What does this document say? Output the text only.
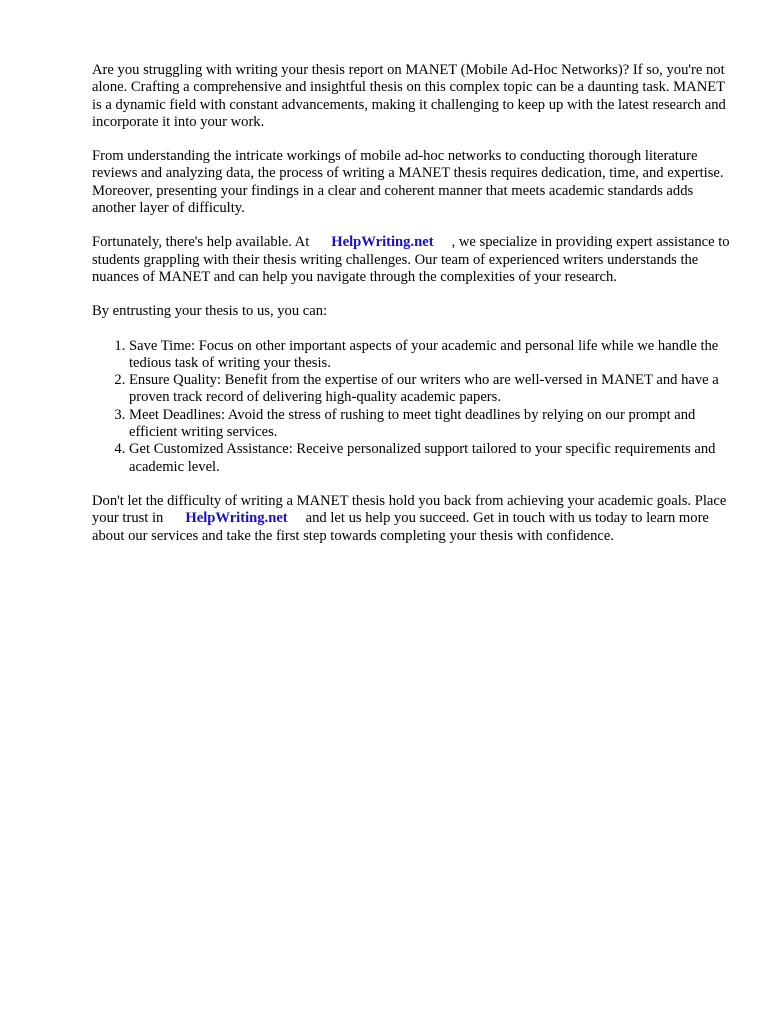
Are you struggling with writing your thesis report on MANET (Mobile Ad-Hoc Networks)? If so, you're not alone. Crafting a comprehensive and insightful thesis on this complex topic can be a daunting task. MANET is a dynamic field with constant advancements, making it challenging to keep up with the latest research and incorporate it into your work.

From understanding the intricate workings of mobile ad-hoc networks to conducting thorough literature reviews and analyzing data, the process of writing a MANET thesis requires dedication, time, and expertise. Moreover, presenting your findings in a clear and coherent manner that meets academic standards adds another layer of difficulty.

Fortunately, there's help available. At HelpWriting.net , we specialize in providing expert assistance to students grappling with their thesis writing challenges. Our team of experienced writers understands the nuances of MANET and can help you navigate through the complexities of your research.

By entrusting your thesis to us, you can:

1. Save Time: Focus on other important aspects of your academic and personal life while we handle the tedious task of writing your thesis.
2. Ensure Quality: Benefit from the expertise of our writers who are well-versed in MANET and have a proven track record of delivering high-quality academic papers.
3. Meet Deadlines: Avoid the stress of rushing to meet tight deadlines by relying on our prompt and efficient writing services.
4. Get Customized Assistance: Receive personalized support tailored to your specific requirements and academic level.

Don't let the difficulty of writing a MANET thesis hold you back from achieving your academic goals. Place your trust in HelpWriting.net and let us help you succeed. Get in touch with us today to learn more about our services and take the first step towards completing your thesis with confidence.
